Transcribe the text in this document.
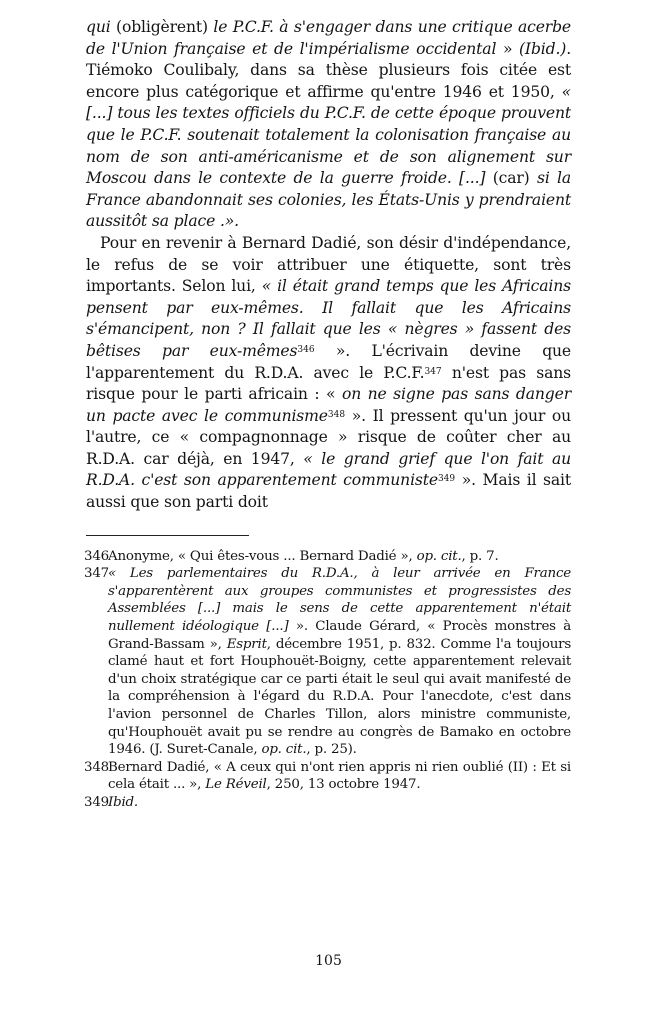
qui (obligèrent) le P.C.F. à s'engager dans une critique acerbe de l'Union française et de l'impérialisme occidental » (Ibid.). Tiémoko Coulibaly, dans sa thèse plusieurs fois citée est encore plus catégorique et affirme qu'entre 1946 et 1950, « [...] tous les textes officiels du P.C.F. de cette époque prouvent que le P.C.F. soutenait totalement la colonisation française au nom de son anti-américanisme et de son alignement sur Moscou dans le contexte de la guerre froide. [...] (car) si la France abandonnait ses colonies, les États-Unis y prendraient aussitôt sa place .».

Pour en revenir à Bernard Dadié, son désir d'indépendance, le refus de se voir attribuer une étiquette, sont très importants. Selon lui, « il était grand temps que les Africains pensent par eux-mêmes. Il fallait que les Africains s'émancipent, non ? Il fallait que les « nègres » fassent des bêtises par eux-mêmes$^{346}$ ». L'écrivain devine que l'apparentement du R.D.A. avec le P.C.F.$^{347}$ n'est pas sans risque pour le parti africain : « on ne signe pas sans danger un pacte avec le communisme$^{348}$ ». Il pressent qu'un jour ou l'autre, ce « compagnonnage » risque de coûter cher au R.D.A. car déjà, en 1947, « le grand grief que l'on fait au R.D.A. c'est son apparentement communiste$^{349}$ ». Mais il sait aussi que son parti doit

346 Anonyme, « Qui êtes-vous ... Bernard Dadié », op. cit., p. 7.
347 « Les parlementaires du R.D.A., à leur arrivée en France s'apparentèrent aux groupes communistes et progressistes des Assemblées [...] mais le sens de cette apparentement n'était nullement idéologique [...] ». Claude Gérard, « Procès monstres à Grand-Bassam », Esprit, décembre 1951, p. 832. Comme l'a toujours clamé haut et fort Houphouët-Boigny, cette apparentement relevait d'un choix stratégique car ce parti était le seul qui avait manifesté de la compréhension à l'égard du R.D.A. Pour l'anecdote, c'est dans l'avion personnel de Charles Tillon, alors ministre communiste, qu'Houphouët avait pu se rendre au congrès de Bamako en octobre 1946. (J. Suret-Canale, op. cit., p. 25).
348 Bernard Dadié, « A ceux qui n'ont rien appris ni rien oublié (II) : Et si cela était ... », Le Réveil, 250, 13 octobre 1947.
349 Ibid.
105
